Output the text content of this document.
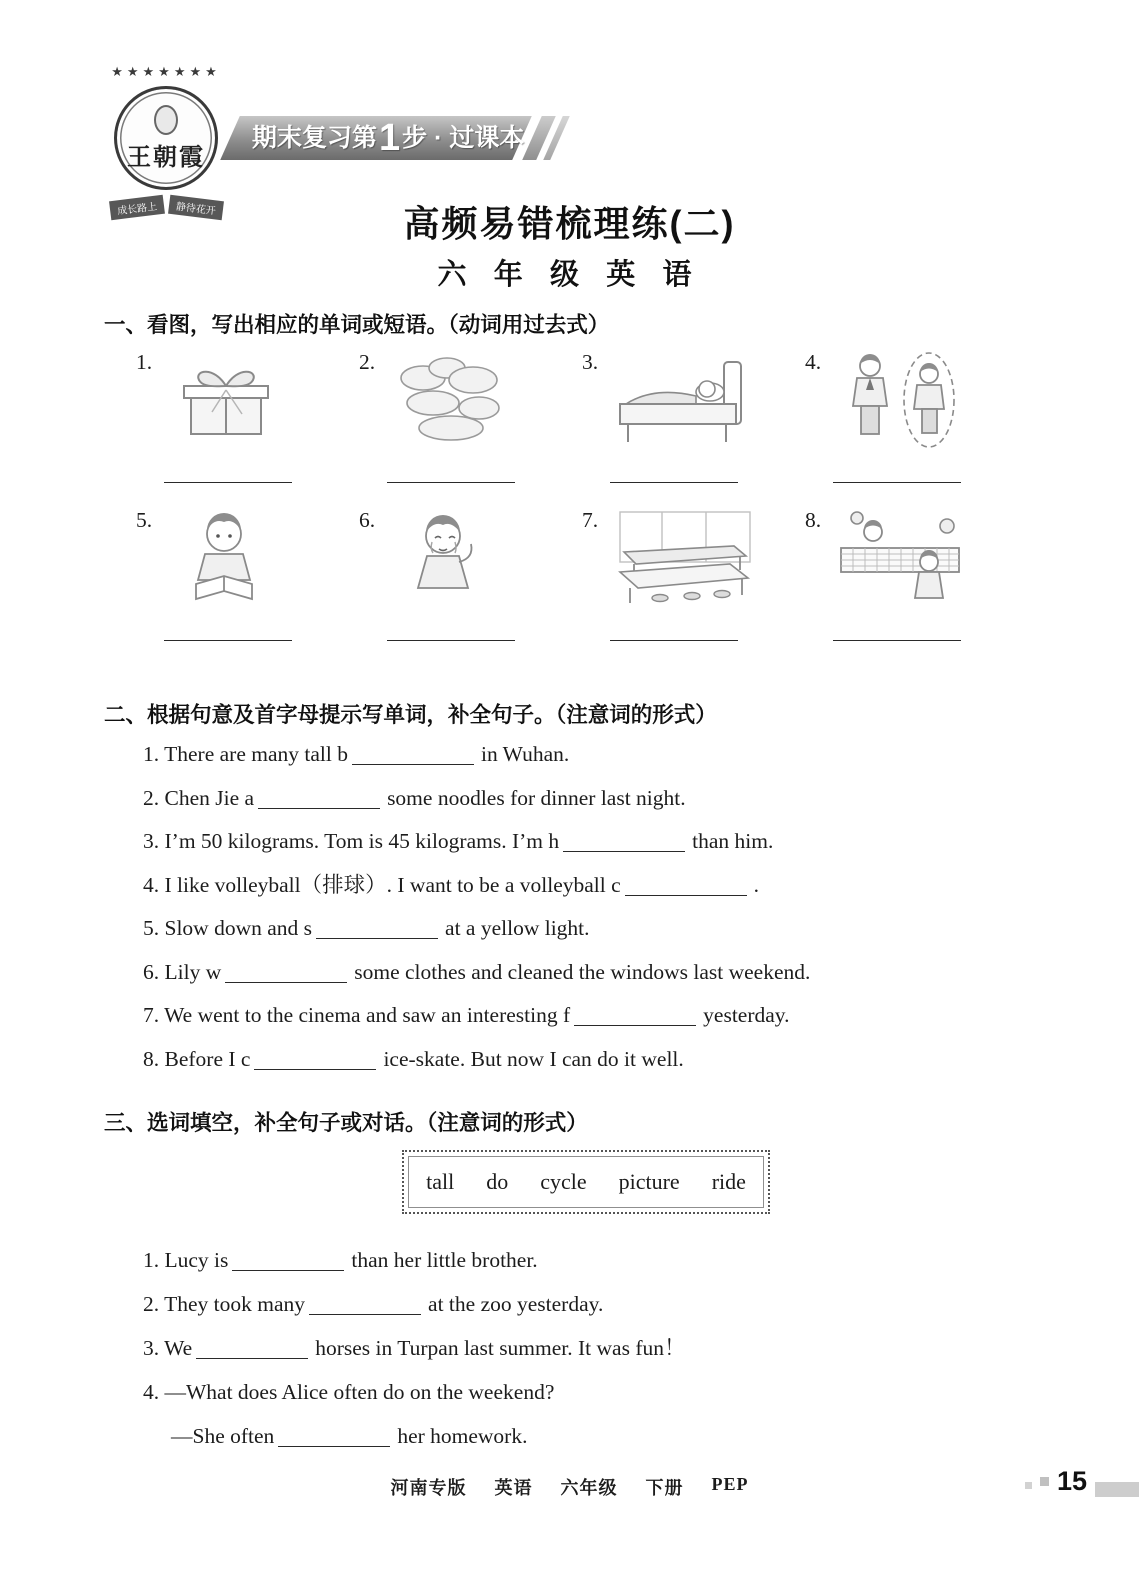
★★★★★★★
王朝霞
成长路上	静待花开
期末复习第1步 · 过课本
高频易错梳理练(二)
六 年 级 英 语
一、看图，写出相应的单词或短语。（动词用过去式）
1.	2.	3.	4.
5.	6.	7.	8.
二、根据句意及首字母提示写单词，补全句子。（注意词的形式）
1. There are many tall b	in Wuhan.
2. Chen Jie a	some noodles for dinner last night.
3. I’m 50 kilograms. Tom is 45 kilograms. I’m h	than him.
4. I like volleyball（排球）. I want to be a volleyball c	.
5. Slow down and s	at a yellow light.
6. Lily w	some clothes and cleaned the windows last weekend.
7. We went to the cinema and saw an interesting f	yesterday.
8. Before I c	ice-skate. But now I can do it well.
三、选词填空，补全句子或对话。（注意词的形式）
tall do cycle picture ride
1. Lucy is	than her little brother.
2. They took many	at the zoo yesterday.
3. We	horses in Turpan last summer. It was fun！
4. —What does Alice often do on the weekend?
—She often	her homework.
河南专版 英语 六年级 下册 PEP	15
